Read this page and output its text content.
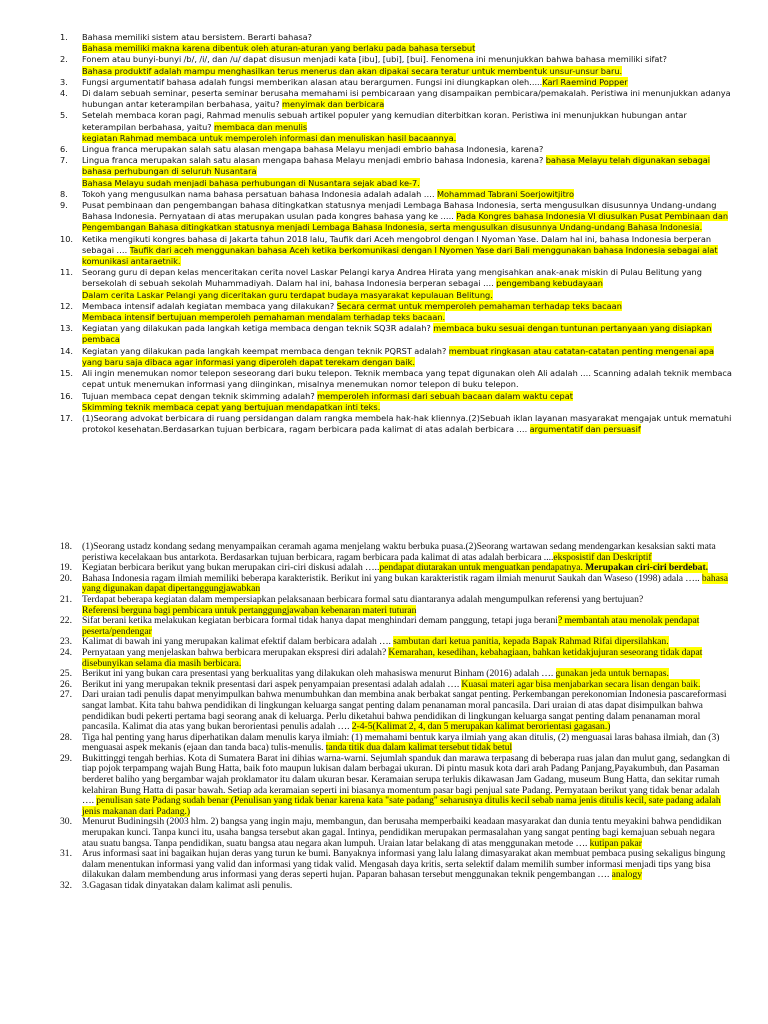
1. Bahasa memiliki sistem atau bersistem. Berarti bahasa?
Bahasa memiliki makna karena dibentuk oleh aturan-aturan yang berlaku pada bahasa tersebut
2. Fonem atau bunyi-bunyi /b/, /i/, dan /u/ dapat disusun menjadi kata [ibu], [ubi], [bui]. Fenomena ini menunjukkan bahwa bahasa memiliki sifat?
Bahasa produktif adalah mampu menghasilkan terus menerus dan akan dipakai secara teratur untuk membentuk unsur-unsur baru.
3. Fungsi argumentatif bahasa adalah fungsi memberikan alasan atau berargumen. Fungsi ini diungkapkan oleh.....Karl Raemind Popper
4. Di dalam sebuah seminar, peserta seminar berusaha memahami isi pembicaraan yang disampaikan pembicara/pemakalah. Peristiwa ini menunjukkan adanya hubungan antar keterampilan berbahasa, yaitu? menyimak dan berbicara
5. Setelah membaca koran pagi, Rahmad menulis sebuah artikel populer yang kemudian diterbitkan koran. Peristiwa ini menunjukkan hubungan antar keterampilan berbahasa, yaitu? membaca dan menulis
kegiatan Rahmad membaca untuk memperoleh informasi dan menuliskan hasil bacaannya.
6. Lingua franca merupakan salah satu alasan mengapa bahasa Melayu menjadi embrio bahasa Indonesia, karena?
7. Lingua franca merupakan salah satu alasan mengapa bahasa Melayu menjadi embrio bahasa Indonesia, karena? bahasa Melayu telah digunakan sebagai bahasa perhubungan di seluruh Nusantara
Bahasa Melayu sudah menjadi bahasa perhubungan di Nusantara sejak abad ke-7.
8. Tokoh yang mengusulkan nama bahasa persatuan bahasa Indonesia adalah adalah …. Mohammad Tabrani Soerjowitjitro
9. Pusat pembinaan dan pengembangan bahasa ditingkatkan statusnya menjadi Lembaga Bahasa Indonesia, serta mengusulkan disusunnya Undang-undang Bahasa Indonesia. Pernyataan di atas merupakan usulan pada kongres bahasa yang ke ….. Pada Kongres bahasa Indonesia VI diusulkan Pusat Pembinaan dan Pengembangan Bahasa ditingkatkan statusnya menjadi Lembaga Bahasa Indonesia, serta mengusulkan disusunnya Undang-undang Bahasa Indonesia.
10. Ketika mengikuti kongres bahasa di Jakarta tahun 2018 lalu, Taufik dari Aceh mengobrol dengan I Nyoman Yase. Dalam hal ini, bahasa Indonesia berperan sebagai …. Taufik dari aceh menggunakan bahasa Aceh ketika berkomunikasi dengan I Nyomen Yase dari Bali menggunakan bahasa Indonesia sebagai alat komunikasi antaraetnik.
11. Seorang guru di depan kelas menceritakan cerita novel Laskar Pelangi karya Andrea Hirata yang mengisahkan anak-anak miskin di Pulau Belitung yang bersekolah di sebuah sekolah Muhammadiyah. Dalam hal ini, bahasa Indonesia berperan sebagai …. pengembang kebudayaan
Dalam cerita Laskar Pelangi yang diceritakan guru terdapat budaya masyarakat kepulauan Belitung.
12. Membaca intensif adalah kegiatan membaca yang dilakukan? Secara cermat untuk memperoleh pemahaman terhadap teks bacaan
Membaca intensif bertujuan memperoleh pemahaman mendalam terhadap teks bacaan.
13. Kegiatan yang dilakukan pada langkah ketiga membaca dengan teknik SQ3R adalah? membaca buku sesuai dengan tuntunan pertanyaan yang disiapkan pembaca
14. Kegiatan yang dilakukan pada langkah keempat membaca dengan teknik PQRST adalah? membuat ringkasan atau catatan-catatan penting mengenai apa yang baru saja dibaca agar informasi yang diperoleh dapat terekam dengan baik.
15. Ali ingin menemukan nomor telepon seseorang dari buku telepon. Teknik membaca yang tepat digunakan oleh Ali adalah …. Scanning adalah teknik membaca cepat untuk menemukan informasi yang diinginkan, misalnya menemukan nomor telepon di buku telepon.
16. Tujuan membaca cepat dengan teknik skimming adalah? memperoleh informasi dari sebuah bacaan dalam waktu cepat
Skimming teknik membaca cepat yang bertujuan mendapatkan inti teks.
17. (1)Seorang advokat berbicara di ruang persidangan dalam rangka membela hak-hak kliennya.(2)Sebuah iklan layanan masyarakat mengajak untuk mematuhi protokol kesehatan.Berdasarkan tujuan berbicara, ragam berbicara pada kalimat di atas adalah berbicara …. argumentatif dan persuasif
18. (1)Seorang ustadz kondang sedang menyampaikan ceramah agama menjelang waktu berbuka puasa.(2)Seorang wartawan sedang mendengarkan kesaksian sakti mata peristiwa kecelakaan bus antarkota. Berdasarkan tujuan berbicara, ragam berbicara pada kalimat di atas adalah berbicara ....eksposistif dan Deskriptif
19. Kegiatan berbicara berikut yang bukan merupakan ciri-ciri diskusi adalah …..pendapat diutarakan untuk menguatkan pendapatnya. Merupakan ciri-ciri berdebat.
20. Bahasa Indonesia ragam ilmiah memiliki beberapa karakteristik. Berikut ini yang bukan karakteristik ragam ilmiah menurut Saukah dan Waseso (1998) adala ….. bahasa yang digunakan dapat dipertanggungjawabkan
21. Terdapat beberapa kegiatan dalam mempersiapkan pelaksanaan berbicara formal satu diantaranya adalah mengumpulkan referensi yang bertujuan?
Referensi berguna bagi pembicara untuk pertanggungjawaban kebenaran materi tuturan
22. Sifat berani ketika melakukan kegiatan berbicara formal tidak hanya dapat menghindari demam panggung, tetapi juga berani? membantah atau menolak pendapat peserta/pendengar
23. Kalimat di bawah ini yang merupakan kalimat efektif dalam berbicara adalah …. sambutan dari ketua panitia, kepada Bapak Rahmad Rifai dipersilahkan.
24. Pernyataan yang menjelaskan bahwa berbicara merupakan ekspresi diri adalah? Kemarahan, kesedihan, kebahagiaan, bahkan ketidakjujuran seseorang tidak dapat disebunyikan selama dia masih berbicara.
25. Berikut ini yang bukan cara presentasi yang berkualitas yang dilakukan oleh mahasiswa menurut Binham (2016) adalah …. gunakan jeda untuk bernapas.
26. Berikut ini yang merupakan teknik presentasi dari aspek penyampaian presentasi adalah adalah …. Kuasai materi agar bisa menjabarkan secara lisan dengan baik.
27. Dari uraian tadi penulis dapat menyimpulkan bahwa menumbuhkan dan membina anak berbakat sangat penting. Perkembangan perekonomian Indonesia pascareformasi sangat lambat. Kita tahu bahwa pendidikan di lingkungan keluarga sangat penting dalam penanaman moral pancasila. Dari uraian di atas dapat disimpulkan bahwa pendidikan budi pekerti pertama bagi seorang anak di keluarga. Perlu diketahui bahwa pendidikan di lingkungan keluarga sangat penting dalam penanaman moral pancasila. Kalimat dia atas yang bukan berorientasi penulis adalah …. 2-4-5(Kalimat 2, 4, dan 5 merupakan kalimat berorientasi gagasan.)
28. Tiga hal penting yang harus diperhatikan dalam menulis karya ilmiah: (1) memahami bentuk karya ilmiah yang akan ditulis, (2) menguasai laras bahasa ilmiah, dan (3) menguasai aspek mekanis (ejaan dan tanda baca) tulis-menulis. tanda titik dua dalam kalimat tersebut tidak betul
29. Bukittinggi tengah berhias. Kota di Sumatera Barat ini dihias warna-warni. Sejumlah spanduk dan marawa terpasang di beberapa ruas jalan dan mulut gang, sedangkan di tiap pojok terpampang wajah Bung Hatta, baik foto maupun lukisan dalam berbagai ukuran. Di pintu masuk kota dari arah Padang Panjang,Payakumbuh, dan Pasaman berderet baliho yang bergambar wajah proklamator itu dalam ukuran besar. Keramaian serupa terlukis dikawasan Jam Gadang, museum Bung Hatta, dan sekitar rumah kelahiran Bung Hatta di pasar bawah. Setiap ada keramaian seperti ini biasanya momentum pasar bagi penjual sate Padang. Pernyataan berikut yang tidak benar adalah …. penulisan sate Padang sudah benar (Penulisan yang tidak benar karena kata "sate padang" seharusnya ditulis kecil sebab nama jenis ditulis kecil, sate padang adalah jenis makanan dari Padang.)
30. Menurut Budiningsih (2003 hlm. 2) bangsa yang ingin maju, membangun, dan berusaha memperbaiki keadaan masyarakat dan dunia tentu meyakini bahwa pendidikan merupakan kunci. Tanpa kunci itu, usaha bangsa tersebut akan gagal. Intinya, pendidikan merupakan permasalahan yang sangat penting bagi kemajuan sebuah negara atau suatu bangsa. Tanpa pendidikan, suatu bangsa atau negara akan lumpuh. Uraian latar belakang di atas menggunakan metode …. kutipan pakar
31. Arus informasi saat ini bagaikan hujan deras yang turun ke bumi. Banyaknya informasi yang lalu lalang dimasyarakat akan membuat pembaca pusing sekaligus bingung dalam menentukan informasi yang valid dan informasi yang tidak valid. Mengasah daya kritis, serta selektif dalam memilih sumber informasi menjadi tips yang bisa dilakukan dalam membendung arus informasi yang deras seperti hujan. Paparan bahasan tersebut menggunakan teknik pengembangan …. analogy
32. 3.Gagasan tidak dinyatakan dalam kalimat asli penulis.
